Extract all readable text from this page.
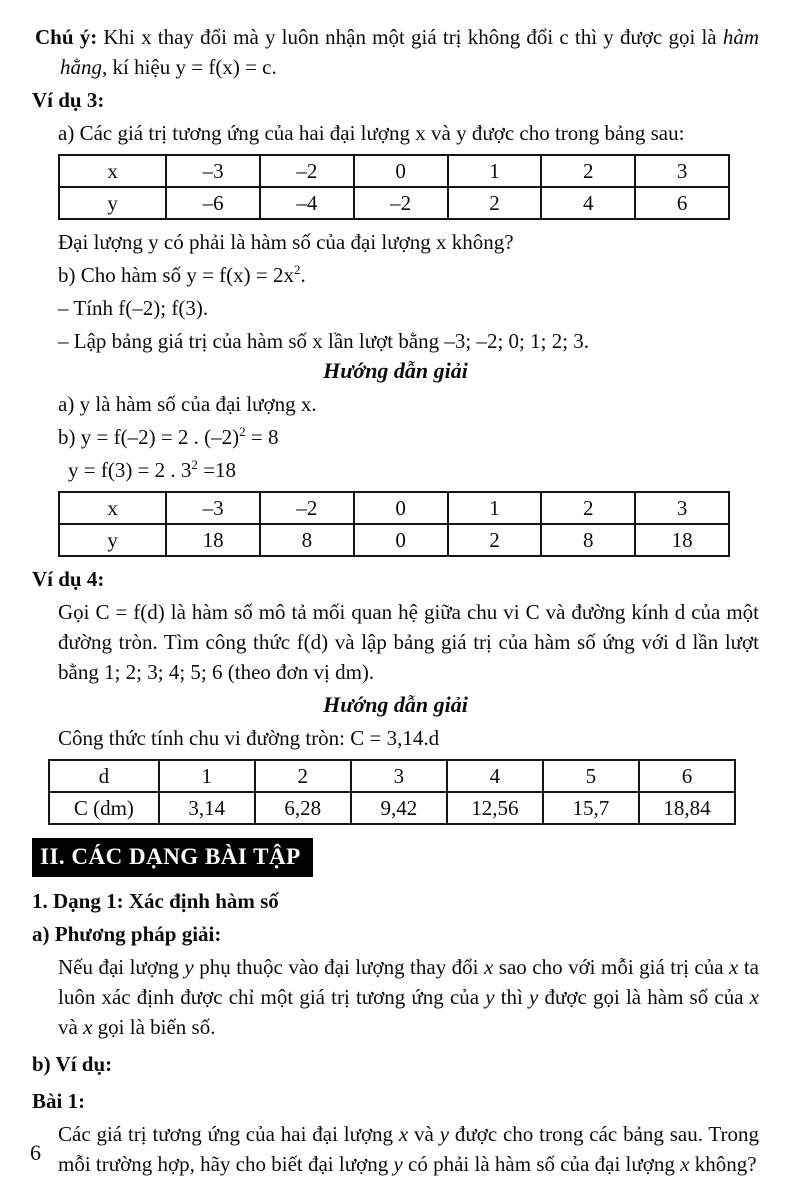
Chú ý: Khi x thay đổi mà y luôn nhận một giá trị không đổi c thì y được gọi là hàm hằng, kí hiệu y = f(x) = c.

Ví dụ 3:

a) Các giá trị tương ứng của hai đại lượng x và y được cho trong bảng sau:

x	–3	–2	0	1	2	3
y	–6	–4	–2	2	4	6

Đại lượng y có phải là hàm số của đại lượng x không?

b) Cho hàm số $y = f(x) = 2x^2$.

– Tính f(–2); f(3).

– Lập bảng giá trị của hàm số x lần lượt bằng –3; –2; 0; 1; 2; 3.

Hướng dẫn giải

a) y là hàm số của đại lượng x.

b) y = f(–2) = 2 . $(-2)^2 = 8$

y = f(3) = 2 . $3^2 =18$

x	–3	–2	0	1	2	3
y	18	8	0	2	8	18

Ví dụ 4:

Gọi C = f(d) là hàm số mô tả mối quan hệ giữa chu vi C và đường kính d của một đường tròn. Tìm công thức f(d) và lập bảng giá trị của hàm số ứng với d lần lượt bằng 1; 2; 3; 4; 5; 6 (theo đơn vị dm).

Hướng dẫn giải

Công thức tính chu vi đường tròn: C = 3,14.d

d	1	2	3	4	5	6
C (dm)	3,14	6,28	9,42	12,56	15,7	18,84
II. CÁC DẠNG BÀI TẬP

1. Dạng 1: Xác định hàm số

a) Phương pháp giải:

Nếu đại lượng y phụ thuộc vào đại lượng thay đổi x sao cho với mỗi giá trị của x ta luôn xác định được chỉ một giá trị tương ứng của y thì y được gọi là hàm số của x và x gọi là biến số.

b) Ví dụ:

Bài 1:

Các giá trị tương ứng của hai đại lượng x và y được cho trong các bảng sau. Trong mỗi trường hợp, hãy cho biết đại lượng y có phải là hàm số của đại lượng x không?

6
